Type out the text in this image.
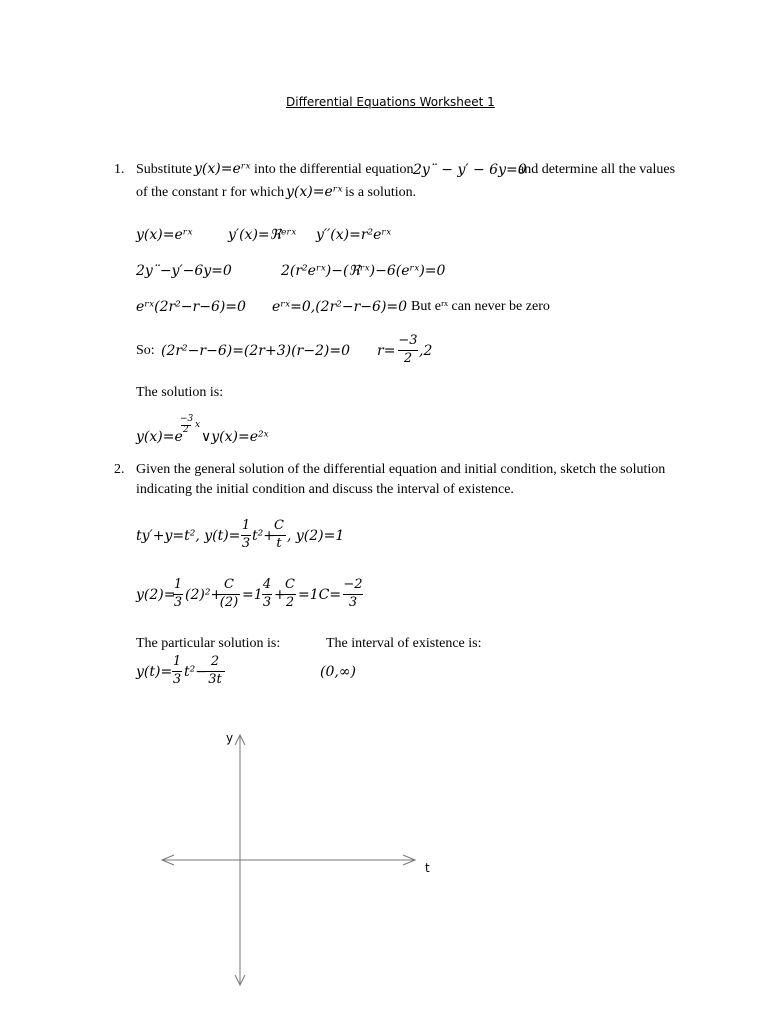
Differential Equations Worksheet 1
1. Substitute y(x)=eʳˣ into the differential equation 2y¨ − y′ − 6y=0
and determine all the values
of the constant r for which y(x)=eʳˣ is a solution.
y(x)=eʳˣ	y′(x)=ℜᵉʳˣ y′′(x)=r²eʳˣ
2y¨−y′−6y=0	2(r²eʳˣ)−(ℜʳˣ)−6(eʳˣ)=0
eʳˣ(2r²−r−6)=0 eʳˣ=0,(2r²−r−6)=0 But eʳˣ can never be zero
So: (2r²−r−6)=(2r+3)(r−2)=0 r=
−3
2 ,2
The solution is:
y(x)=e
−3
2 x
∨y(x)=e²ˣ
2. Given the general solution of the differential equation and initial condition, sketch the solution
indicating the initial condition and discuss the interval of existence.
ty′+y=t², y(t)=
1
3 t²+
C
t , y(2)=1
y(2)=
1
3 (2)²+
C
(2) =1
4
3 +
C
2 =1C=
−2
3
The particular solution is:	The interval of existence is:
y(t)=
1
3 t²−
2
3t	(0,∞)
y
t
